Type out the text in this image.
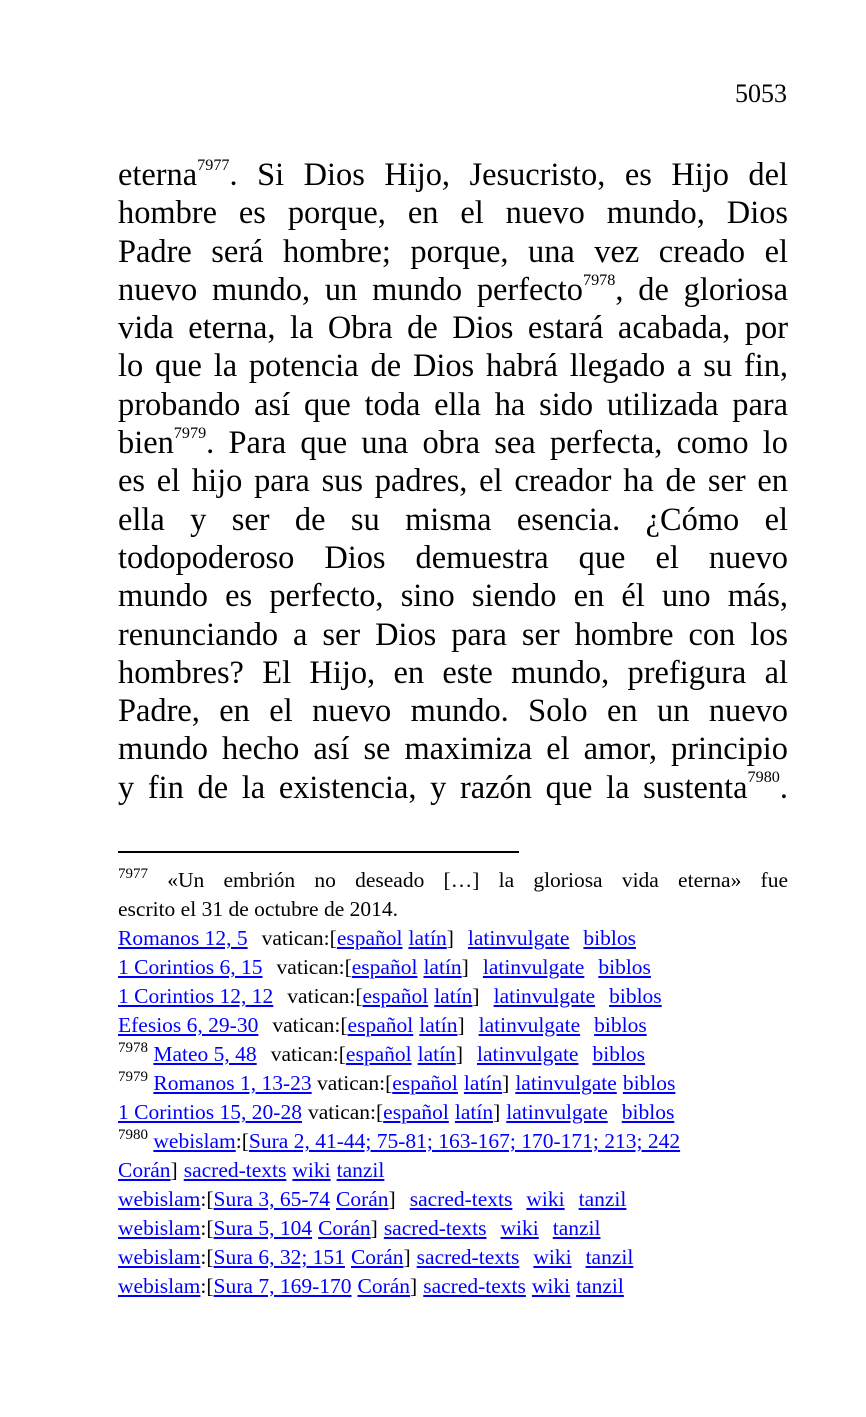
5053
eterna$^{7977}$. Si Dios Hijo, Jesucristo, es Hijo del
hombre es porque, en el nuevo mundo, Dios
Padre será hombre; porque, una vez creado el
nuevo mundo, un mundo perfecto$^{7978}$, de gloriosa
vida eterna, la Obra de Dios estará acabada, por
lo que la potencia de Dios habrá llegado a su fin,
probando así que toda ella ha sido utilizada para
bien$^{7979}$. Para que una obra sea perfecta, como lo
es el hijo para sus padres, el creador ha de ser en
ella y ser de su misma esencia. ¿Cómo el
todopoderoso Dios demuestra que el nuevo
mundo es perfecto, sino siendo en él uno más,
renunciando a ser Dios para ser hombre con los
hombres? El Hijo, en este mundo, prefigura al
Padre, en el nuevo mundo. Solo en un nuevo
mundo hecho así se maximiza el amor, principio
y fin de la existencia, y razón que la sustenta$^{7980}$.
$^{7977}$ «Un embrión no deseado […] la gloriosa vida eterna» fue
escrito el 31 de octubre de 2014.
Romanos 12, 5 vatican:[español latín] latinvulgate biblos
1 Corintios 6, 15 vatican:[español latín] latinvulgate biblos
1 Corintios 12, 12 vatican:[español latín] latinvulgate biblos
Efesios 6, 29-30 vatican:[español latín] latinvulgate biblos
$^{7978}$ Mateo 5, 48 vatican:[español latín] latinvulgate biblos
$^{7979}$ Romanos 1, 13-23 vatican:[español latín] latinvulgate biblos
1 Corintios 15, 20-28 vatican:[español latín] latinvulgate biblos
$^{7980}$ webislam:[Sura 2, 41-44; 75-81; 163-167; 170-171; 213; 242
Corán] sacred-texts wiki tanzil
webislam:[Sura 3, 65-74 Corán] sacred-texts wiki tanzil
webislam:[Sura 5, 104 Corán] sacred-texts wiki tanzil
webislam:[Sura 6, 32; 151 Corán] sacred-texts wiki tanzil
webislam:[Sura 7, 169-170 Corán] sacred-texts wiki tanzil
